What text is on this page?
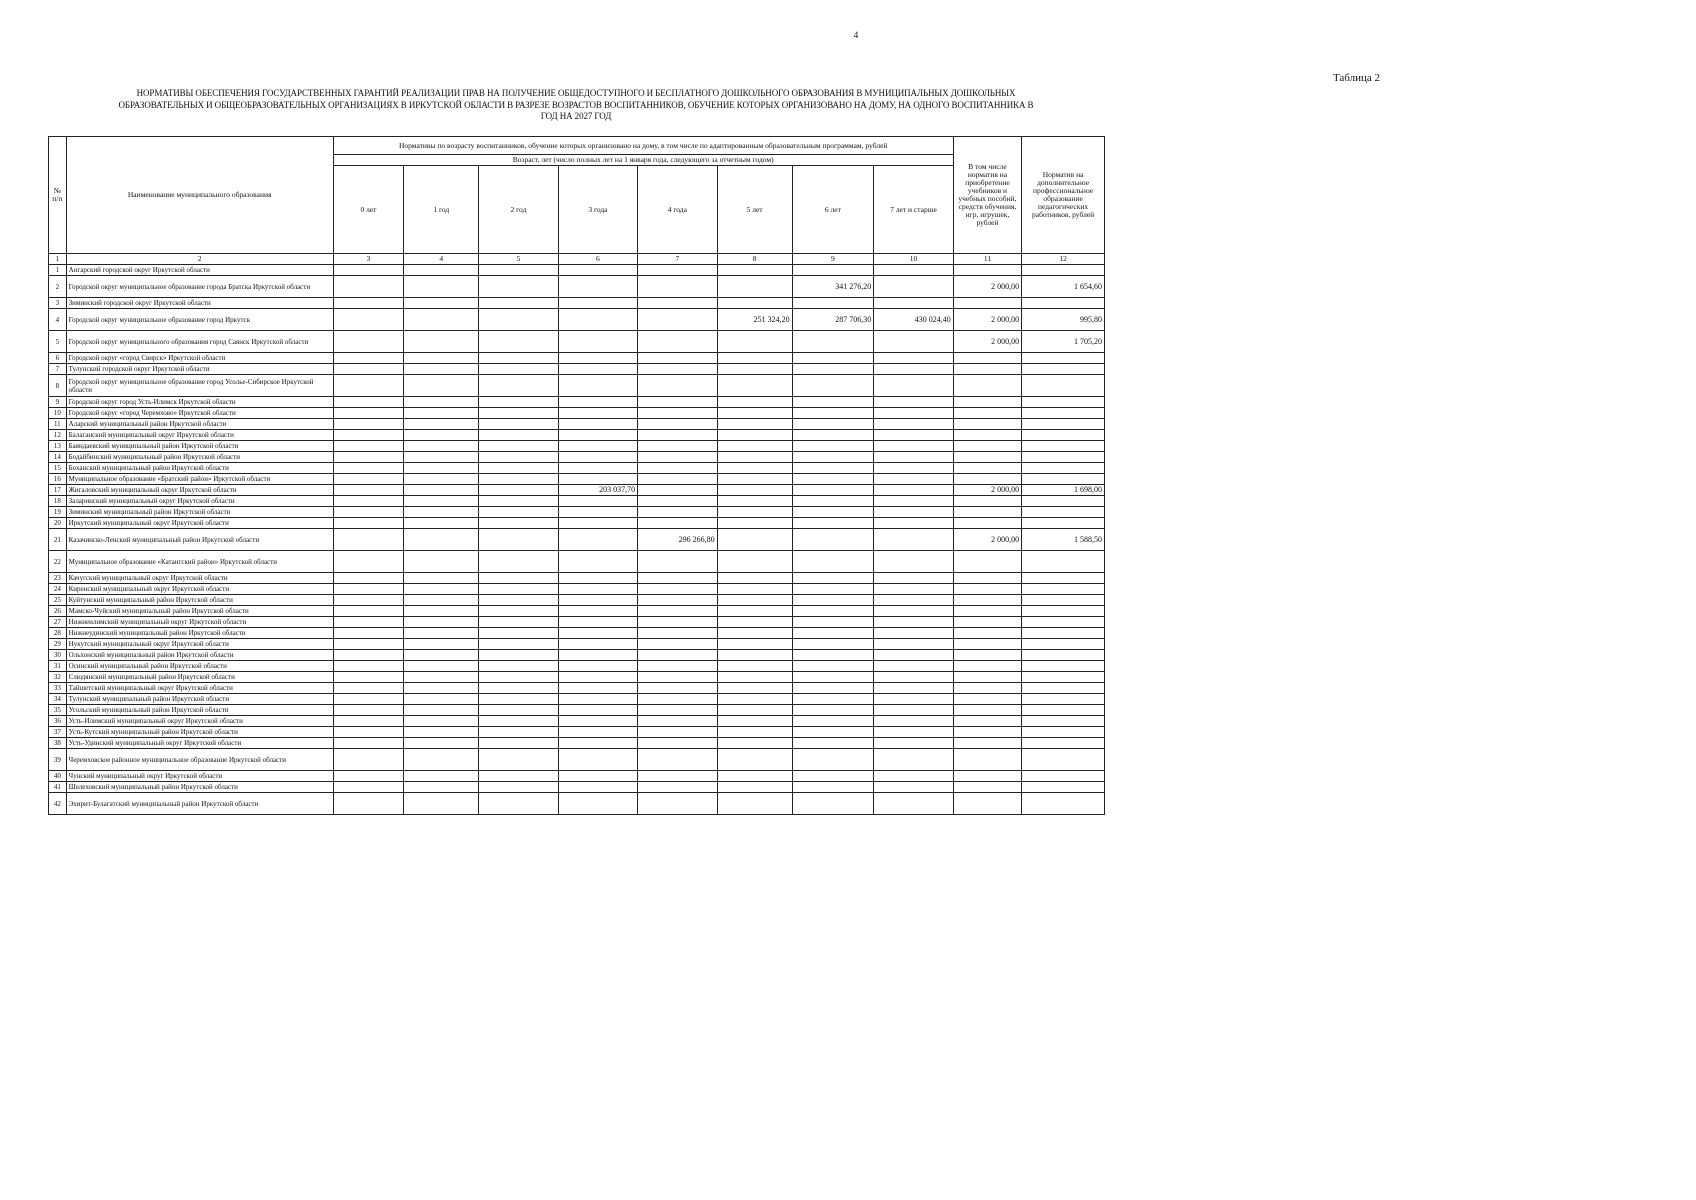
4
Таблица 2
НОРМАТИВЫ ОБЕСПЕЧЕНИЯ ГОСУДАРСТВЕННЫХ ГАРАНТИЙ РЕАЛИЗАЦИИ ПРАВ НА ПОЛУЧЕНИЕ ОБЩЕДОСТУПНОГО И БЕСПЛАТНОГО ДОШКОЛЬНОГО ОБРАЗОВАНИЯ В МУНИЦИПАЛЬНЫХ ДОШКОЛЬНЫХ
ОБРАЗОВАТЕЛЬНЫХ И ОБЩЕОБРАЗОВАТЕЛЬНЫХ ОРГАНИЗАЦИЯХ В ИРКУТСКОЙ ОБЛАСТИ В РАЗРЕЗЕ ВОЗРАСТОВ ВОСПИТАННИКОВ, ОБУЧЕНИЕ КОТОРЫХ ОРГАНИЗОВАНО НА ДОМУ, НА ОДНОГО ВОСПИТАННИКА В
ГОД НА 2027 ГОД
№ п/п	Наименование муниципального образования	Нормативы по возрасту воспитанников, обучение которых организовано на дому, в том числе по адаптированным образовательным программам, рублей								В том числе норматив на приобретение учебников и учебных пособий, средств обучения, игр, игрушек, рублей	Норматив на дополнительное профессиональное образование педагогических работников, рублей
		Возраст, лет (число полных лет на 1 января года, следующего за отчетным годом)									
		0 лет	1 год	2 год	3 года	4 года	5 лет	6 лет	7 лет и старше		
1	2	3	4	5	6	7	8	9	10	11	12
1	Ангарский городской округ Иркутской области										
2	Городской округ муниципальное образование города Братска Иркутской области							341 276,20		2 000,00	1 654,60
3	Зиминский городской округ Иркутской области										
4	Городской округ муниципальное образование город Иркутск						251 324,20	287 706,30	430 024,40	2 000,00	995,80
5	Городской округ муниципального образования город Саянск Иркутской области									2 000,00	1 705,20
6	Городской округ «город Свирск» Иркутской области										
7	Тулунский городской округ Иркутской области										
8	Городской округ муниципальное образование город Усолье-Сибирское Иркутской области										
9	Городской округ город Усть-Илимск Иркутской области										
10	Городской округ «город Черемхово» Иркутской области										
11	Аларский муниципальный район Иркутской области										
12	Балаганский муниципальный округ Иркутской области										
13	Баяндаевский муниципальный район Иркутской области										
14	Бодайбинский муниципальный район Иркутской области										
15	Боханский муниципальный район Иркутской области										
16	Муниципальное образование «Братский район» Иркутской области										
17	Жигаловский муниципальный округ Иркутской области				203 037,70					2 000,00	1 698,00
18	Заларинский муниципальный округ Иркутской области										
19	Зиминский муниципальный район Иркутской области										
20	Иркутский муниципальный округ Иркутской области										
21	Казачинско-Ленский муниципальный район Иркутской области					296 266,80				2 000,00	1 588,50
22	Муниципальное образование «Катангский район» Иркутской области										
23	Качугский муниципальный округ Иркутской области										
24	Киренский муниципальный округ Иркутской области										
25	Куйтунский муниципальный район Иркутской области										
26	Мамско-Чуйский муниципальный район Иркутской области										
27	Нижнеилимский муниципальный округ Иркутской области										
28	Нижнеудинский муниципальный район Иркутской области										
29	Нукутский муниципальный округ Иркутской области										
30	Ольхонский муниципальный район Иркутской области										
31	Осинский муниципальный район Иркутской области										
32	Слюдянский муниципальный район Иркутской области										
33	Тайшетский муниципальный округ Иркутской области										
34	Тулунский муниципальный район Иркутской области										
35	Усольский муниципальный район Иркутской области										
36	Усть-Илимский муниципальный округ Иркутской области										
37	Усть-Кутский муниципальный район Иркутской области										
38	Усть-Удинский муниципальный округ Иркутской области										
39	Черемховское районное муниципальное образование Иркутской области										
40	Чунский муниципальный округ Иркутской области										
41	Шелеховский муниципальный район Иркутской области										
42	Эхирит-Булагатский муниципальный район Иркутской области										
